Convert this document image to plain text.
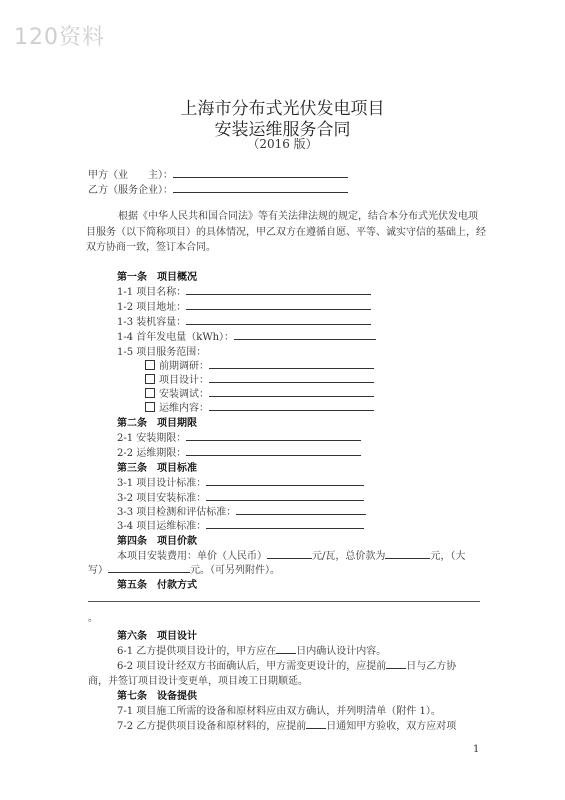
120资料
上海市分布式光伏发电项目
安装运维服务合同
（2016 版）
甲方（业　　主）：
乙方（服务企业）：
根据《中华人民共和国合同法》等有关法律法规的规定，结合本分布式光伏发电项目服务（以下简称项目）的具体情况，甲乙双方在遵循自愿、平等、诚实守信的基础上，经双方协商一致，签订本合同。
第一条　项目概况
1-1 项目名称：
1-2 项目地址：
1-3 装机容量：
1-4 首年发电量（kWh）：
1-5 项目服务范围：
前期调研：
项目设计：
安装调试：
运维内容：
第二条　项目期限
2-1 安装期限：
2-2 运维期限：
第三条　项目标准
3-1 项目设计标准：
3-2 项目安装标准：
3-3 项目检测和评估标准：
3-4 项目运维标准：
第四条　项目价款
本项目安装费用：单价（人民币）	元/瓦，总价款为	元，（大
写）	元。（可另列附件）。
第五条　付款方式
。
第六条　项目设计
6-1 乙方提供项目设计的，甲方应在 日内确认设计内容。
6-2 项目设计经双方书面确认后，甲方需变更设计的，应提前 日与乙方协
商，并签订项目设计变更单，项目竣工日期顺延。
第七条　设备提供
7-1 项目施工所需的设备和原材料应由双方确认，并列明清单（附件 1）。
7-2 乙方提供项目设备和原材料的，应提前 日通知甲方验收，双方应对项
1
